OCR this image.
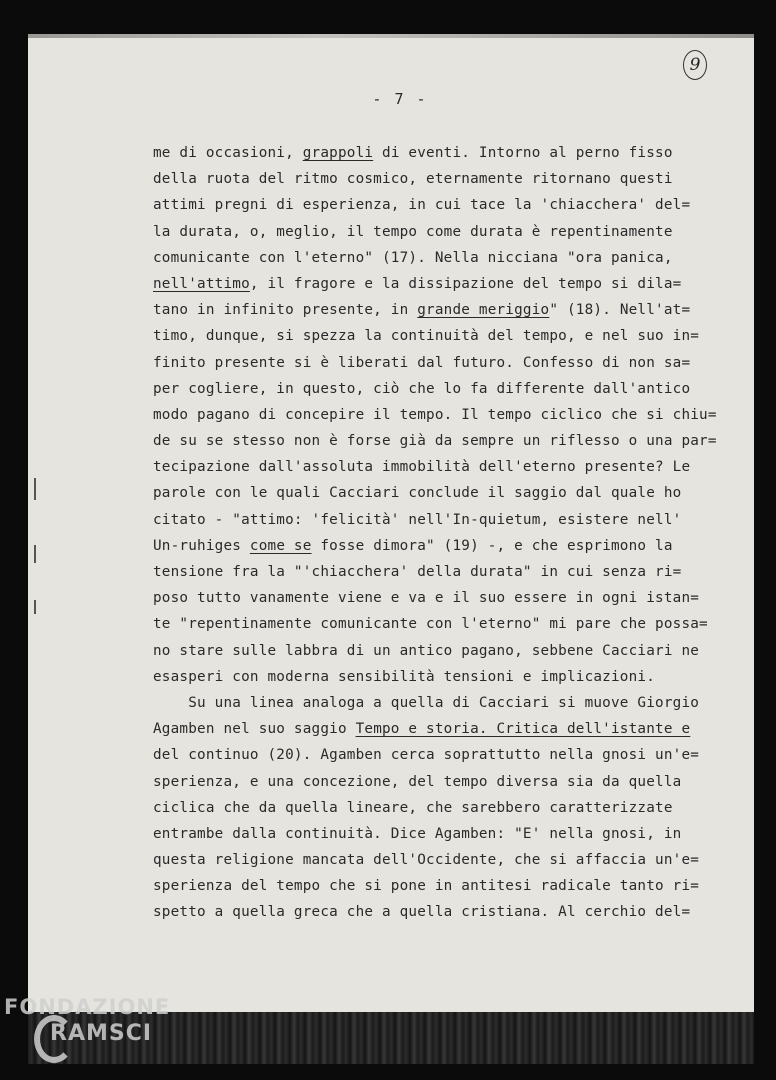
9
- 7 -
me di occasioni, grappoli di eventi. Intorno al perno fisso
della ruota del ritmo cosmico, eternamente ritornano questi
attimi pregni di esperienza, in cui tace la 'chiacchera' del=
la durata, o, meglio, il tempo come durata è repentinamente
comunicante con l'eterno" (17). Nella nicciana "ora panica,
nell'attimo, il fragore e la dissipazione del tempo si dila=
tano in infinito presente, in grande meriggio" (18). Nell'at=
timo, dunque, si spezza la continuità del tempo, e nel suo in=
finito presente si è liberati dal futuro. Confesso di non sa=
per cogliere, in questo, ciò che lo fa differente dall'antico
modo pagano di concepire il tempo. Il tempo ciclico che si chiu=
de su se stesso non è forse già da sempre un riflesso o una par=
tecipazione dall'assoluta immobilità dell'eterno presente? Le
parole con le quali Cacciari conclude il saggio dal quale ho
citato - "attimo: 'felicità' nell'In-quietum, esistere nell'
Un-ruhiges come se fosse dimora" (19) -, e che esprimono la
tensione fra la "'chiacchera' della durata" in cui senza ri=
poso tutto vanamente viene e va e il suo essere in ogni istan=
te "repentinamente comunicante con l'eterno" mi pare che possa=
no stare sulle labbra di un antico pagano, sebbene Cacciari ne
esasperi con moderna sensibilità tensioni e implicazioni.
Su una linea analoga a quella di Cacciari si muove Giorgio
Agamben nel suo saggio Tempo e storia. Critica dell'istante e
del continuo (20). Agamben cerca soprattutto nella gnosi un'e=
sperienza, e una concezione, del tempo diversa sia da quella
ciclica che da quella lineare, che sarebbero caratterizzate
entrambe dalla continuità. Dice Agamben: "E' nella gnosi, in
questa religione mancata dell'Occidente, che si affaccia un'e=
sperienza del tempo che si pone in antitesi radicale tanto ri=
spetto a quella greca che a quella cristiana. Al cerchio del=
FONDAZIONE
RAMSCI
